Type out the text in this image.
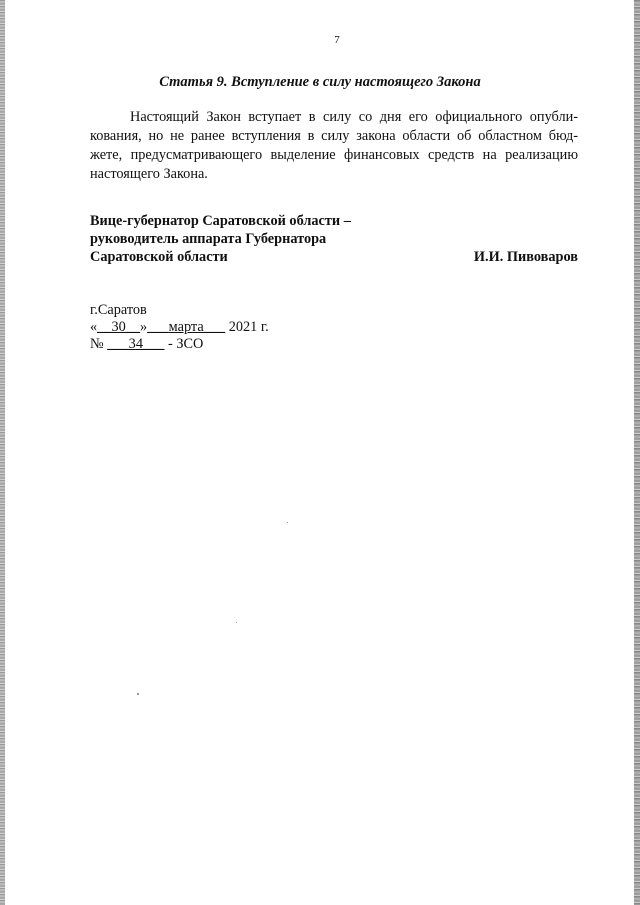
7
Статья 9. Вступление в силу настоящего Закона
Настоящий Закон вступает в силу со дня его официального опубли-
кования, но не ранее вступления в силу закона области об областном бюд-
жете, предусматривающего выделение финансовых средств на реализацию
настоящего Закона.
Вице-губернатор Саратовской области –
руководитель аппарата Губернатора
Саратовской области	И.И. Пивоваров
г.Саратов
«__30__»___марта___ 2021 г.
№ ___34___ - ЗСО
